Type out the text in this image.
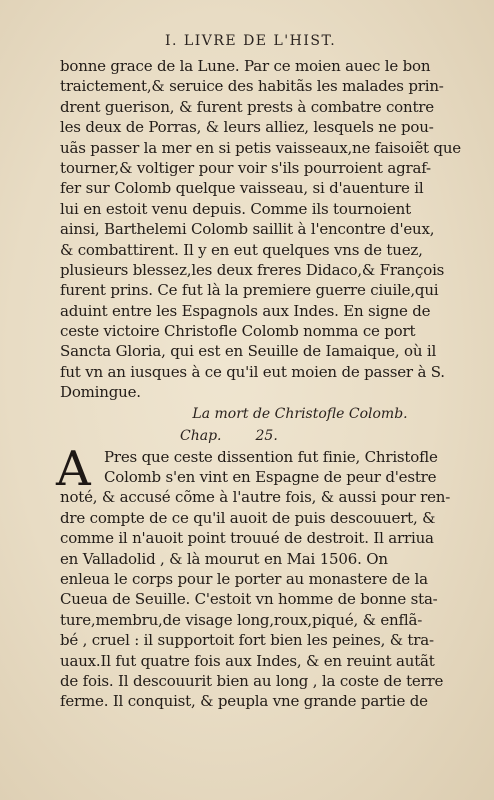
I. LIVRE DE L'HIST.
bonne grace de la Lune. Par ce moien auec le bon
traictement,& seruice des habitãs les malades prin-
drent guerison, & furent prests à combatre contre
les deux de Porras, & leurs alliez, lesquels ne pou-
uãs passer la mer en si petis vaisseaux,ne faisoiẽt que
tourner,& voltiger pour voir s'ils pourroient agraf-
fer sur Colomb quelque vaisseau, si d'auenture il
lui en estoit venu depuis. Comme ils tournoient
ainsi, Barthelemi Colomb saillit à l'encontre d'eux,
& combattirent. Il y en eut quelques vns de tuez,
plusieurs blessez,les deux freres Didaco,& François
furent prins. Ce fut là la premiere guerre ciuile,qui
aduint entre les Espagnols aux Indes. En signe de
ceste victoire Christofle Colomb nomma ce port
Sancta Gloria, qui est en Seuille de Iamaique, où il
fut vn an iusques à ce qu'il eut moien de passer à S.
Domingue.
La mort de Christofle Colomb.
Chap. 25.
A Pres que ceste dissention fut finie, Christofle
Colomb s'en vint en Espagne de peur d'estre
noté, & accusé cõme à l'autre fois, & aussi pour ren-
dre compte de ce qu'il auoit de puis descouuert, &
comme il n'auoit point trouué de destroit. Il arriua
en Valladolid , & là mourut en Mai 1506. On
enleua le corps pour le porter au monastere de la
Cueua de Seuille. C'estoit vn homme de bonne sta-
ture,membru,de visage long,roux,piqué, & enflã-
bé , cruel : il supportoit fort bien les peines, & tra-
uaux.Il fut quatre fois aux Indes, & en reuint autãt
de fois. Il descouurit bien au long , la coste de terre
ferme. Il conquist, & peupla vne grande partie de
